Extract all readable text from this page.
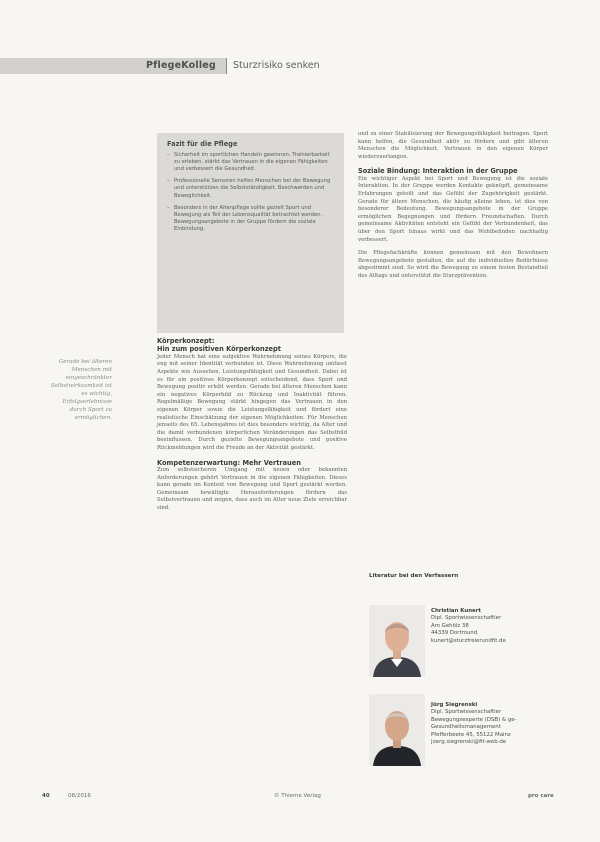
PflegeKolleg Sturzrisiko senken
Fazit für die Pflege
– Sicherheit im sportlichen Handeln gewinnen: Trainierbarkeit zu erleben, stärkt das Vertrauen in die eigenen Fähigkeiten und verbessert die Gesundheit.
– Professionelle Sensoren helfen Menschen bei der Bewegung und unterstützen die Selbstständigkeit, Beschwerden und Beweglichkeit.
– Besonders in der Altenpflege sollte gezielt Sport und Bewegung als Teil der Lebensqualität betrachtet werden. Bewegungsangebote in der Gruppe fördern die soziale Einbindung.
Gerade bei älteren Menschen mit eingeschränkter Selbstwirksamkeit ist es wichtig, Erfolgserlebnisse durch Sport zu ermöglichen.
Körperkonzept:
Hin zum positiven Körperkonzept

Jeder Mensch hat eine subjektive Wahrnehmung seines Körpers, die eng mit seiner Identität verbunden ist. Diese Wahrnehmung umfasst Aspekte wie Aussehen, Leistungsfähigkeit und Gesundheit. Dabei ist es für ein positives Körperkonzept entscheidend, dass Sport und Bewegung positiv erlebt werden. Gerade bei älteren Menschen kann ein negatives Körperbild zu Rückzug und Inaktivität führen. Regelmäßige Bewegung stärkt hingegen das Vertrauen in den eigenen Körper sowie die Leistungsfähigkeit und fördert eine realistische Einschätzung der eigenen Möglichkeiten. Für Menschen jenseits des 65. Lebensjahres ist dies besonders wichtig, da Alter und die damit verbundenen körperlichen Veränderungen das Selbstbild beeinflussen. Durch gezielte Bewegungsangebote und positive Rückmeldungen wird die Freude an der Aktivität gestärkt.

Kompetenzerwartung: Mehr Vertrauen

Zum selbstsicheren Umgang mit neuen oder bekannten Anforderungen gehört Vertrauen in die eigenen Fähigkeiten. Dieses kann gerade im Kontext von Bewegung und Sport gestärkt werden. Gemeinsam bewältigte Herausforderungen fördern das Selbstvertrauen und zeigen, dass auch im Alter neue Ziele erreichbar sind.

und zu einer Stabilisierung der Bewegungsfähigkeit beitragen. Sport kann helfen, die Gesundheit aktiv zu fördern und gibt älteren Menschen die Möglichkeit, Vertrauen in den eigenen Körper wiederzuerlangen.

Soziale Bindung: Interaktion in der Gruppe

Ein wichtiger Aspekt bei Sport und Bewegung ist die soziale Interaktion. In der Gruppe werden Kontakte geknüpft, gemeinsame Erfahrungen geteilt und das Gefühl der Zugehörigkeit gestärkt. Gerade für ältere Menschen, die häufig alleine leben, ist dies von besonderer Bedeutung. Bewegungsangebote in der Gruppe ermöglichen Begegnungen und fördern Freundschaften. Durch gemeinsame Aktivitäten entsteht ein Gefühl der Verbundenheit, das über den Sport hinaus wirkt und das Wohlbefinden nachhaltig verbessert.

Die Pflegefachkräfte können gemeinsam mit den Bewohnern Bewegungsangebote gestalten, die auf die individuellen Bedürfnisse abgestimmt sind. So wird die Bewegung zu einem festen Bestandteil des Alltags und unterstützt die Sturzprävention.

Literatur bei den Verfassern
Christian Kunert
Dipl. Sportwissenschaftler
Am Gehölz 38
44339 Dortmund
kunert@sturzfreierundfit.de
Jürg Siegrenski
Dipl. Sportwissenschaftler
Bewegungsexperte (DSB) & ge-
Gesundheitsmanagement
Pfefferbeete 45, 55122 Mainz
joerg.siegrenski@fit-web.de
40	08/2016	© Thieme Verlag	pro care
